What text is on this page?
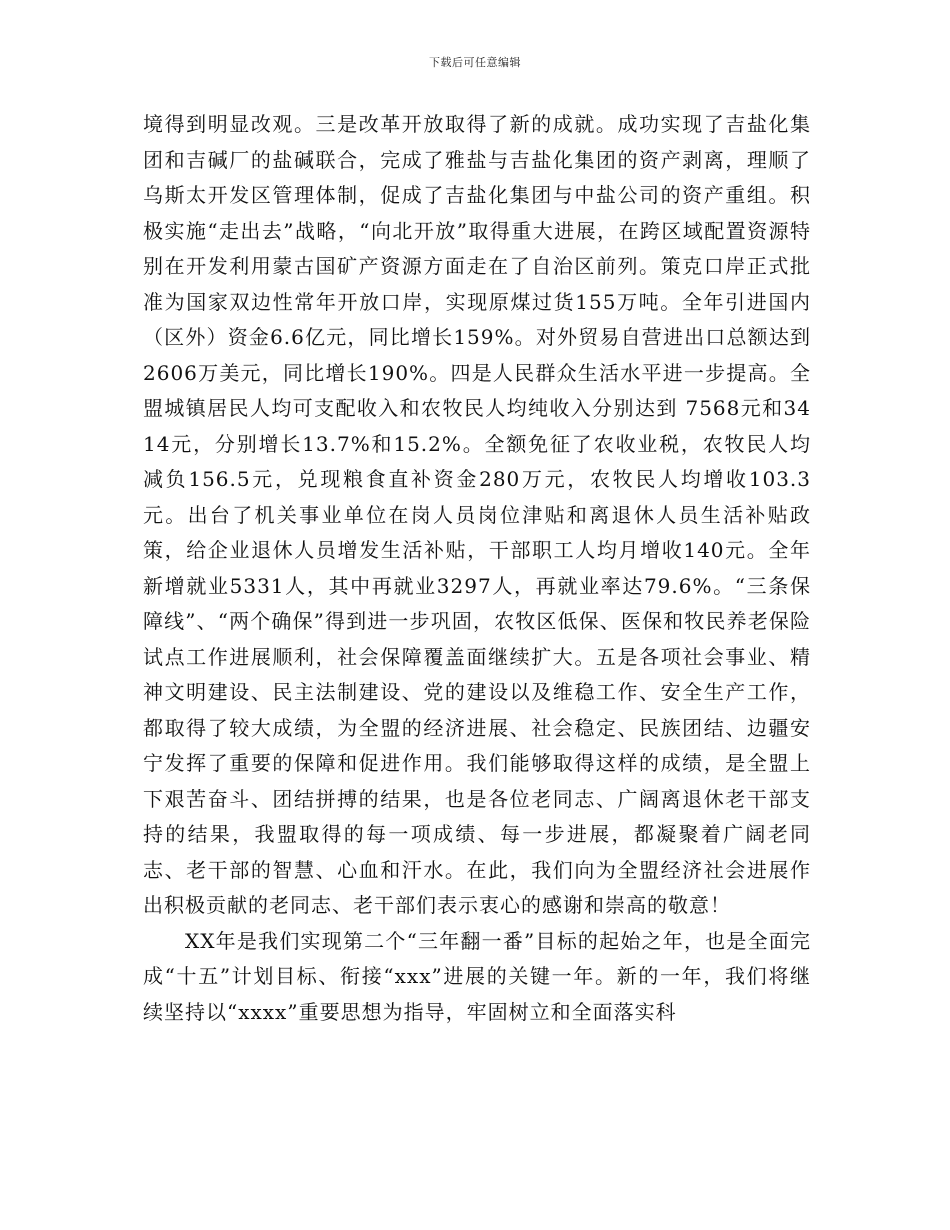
下载后可任意编辑

境得到明显改观。三是改革开放取得了新的成就。成功实现了吉盐化集团和吉碱厂的盐碱联合，完成了雅盐与吉盐化集团的资产剥离，理顺了乌斯太开发区管理体制，促成了吉盐化集团与中盐公司的资产重组。积极实施“走出去”战略，“向北开放”取得重大进展，在跨区域配置资源特别在开发利用蒙古国矿产资源方面走在了自治区前列。策克口岸正式批准为国家双边性常年开放口岸，实现原煤过货155万吨。全年引进国内（区外）资金6.6亿元，同比增长159%。对外贸易自营进出口总额达到2606万美元，同比增长190%。四是人民群众生活水平进一步提高。全盟城镇居民人均可支配收入和农牧民人均纯收入分别达到 7568元和3414元，分别增长13.7%和15.2%。全额免征了农收业税，农牧民人均减负156.5元，兑现粮食直补资金280万元，农牧民人均增收103.3元。出台了机关事业单位在岗人员岗位津贴和离退休人员生活补贴政策，给企业退休人员增发生活补贴，干部职工人均月增收140元。全年新增就业5331人，其中再就业3297人，再就业率达79.6%。“三条保障线”、“两个确保”得到进一步巩固，农牧区低保、医保和牧民养老保险试点工作进展顺利，社会保障覆盖面继续扩大。五是各项社会事业、精神文明建设、民主法制建设、党的建设以及维稳工作、安全生产工作，都取得了较大成绩，为全盟的经济进展、社会稳定、民族团结、边疆安宁发挥了重要的保障和促进作用。我们能够取得这样的成绩，是全盟上下艰苦奋斗、团结拼搏的结果，也是各位老同志、广阔离退休老干部支持的结果，我盟取得的每一项成绩、每一步进展，都凝聚着广阔老同志、老干部的智慧、心血和汗水。在此，我们向为全盟经济社会进展作出积极贡献的老同志、老干部们表示衷心的感谢和崇高的敬意！

XX年是我们实现第二个“三年翻一番”目标的起始之年，也是全面完成“十五”计划目标、衔接“xxx”进展的关键一年。新的一年，我们将继续坚持以“xxxx”重要思想为指导，牢固树立和全面落实科
